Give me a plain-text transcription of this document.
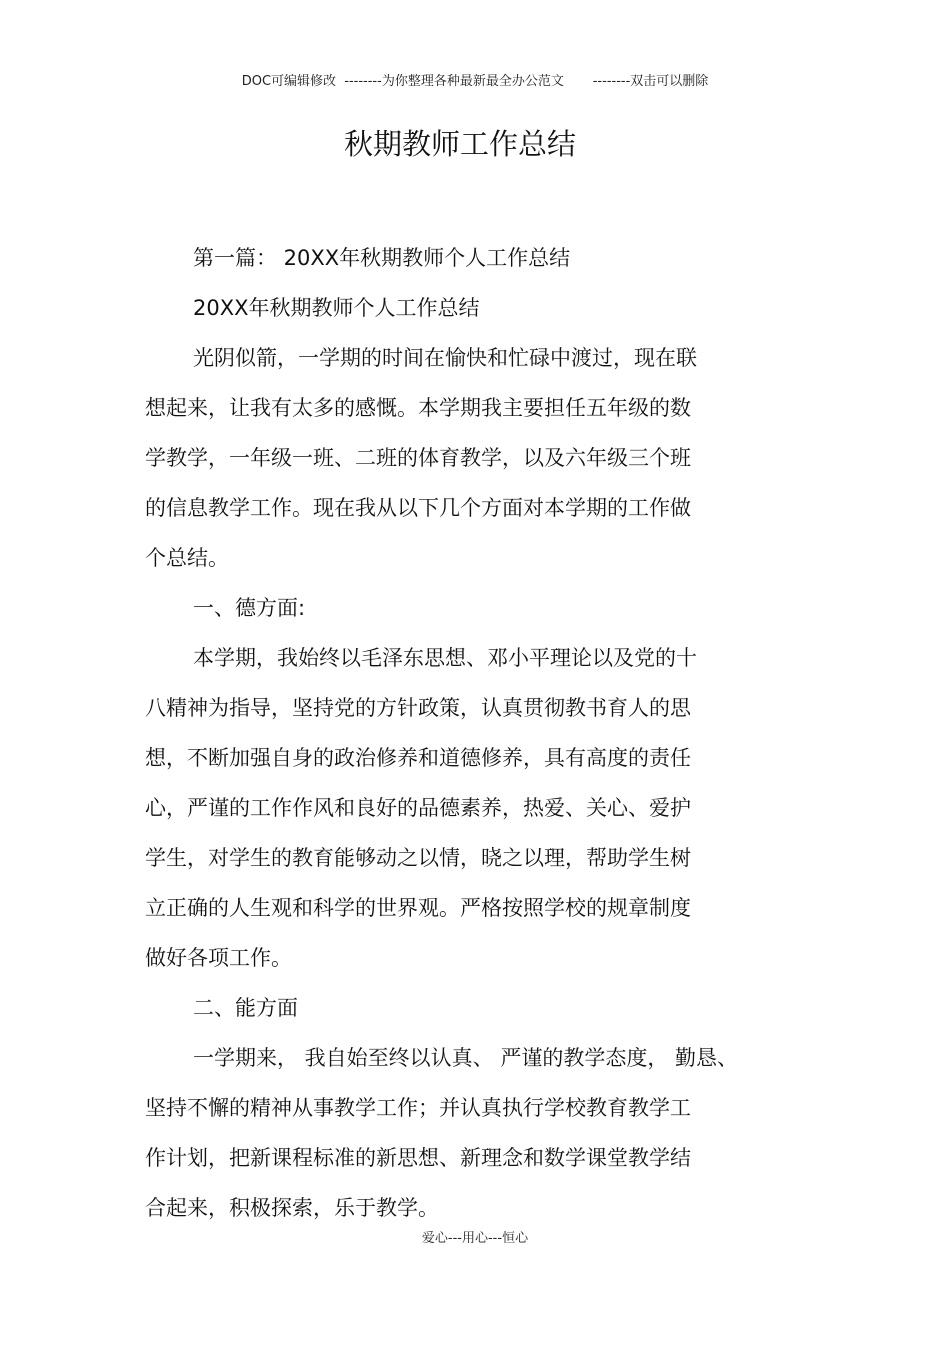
DOC可编辑修改  --------为你整理各种最新最全办公范文       --------双击可以删除
秋期教师工作总结
第一篇： 20XX年秋期教师个人工作总结
20XX年秋期教师个人工作总结
光阴似箭，一学期的时间在愉快和忙碌中渡过，现在联
想起来，让我有太多的感慨。本学期我主要担任五年级的数
学教学，一年级一班、二班的体育教学，以及六年级三个班
的信息教学工作。现在我从以下几个方面对本学期的工作做
个总结。
一、德方面:
本学期，我始终以毛泽东思想、邓小平理论以及党的十
八精神为指导，坚持党的方针政策，认真贯彻教书育人的思
想，不断加强自身的政治修养和道德修养，具有高度的责任
心，严谨的工作作风和良好的品德素养，热爱、关心、爱护
学生，对学生的教育能够动之以情，晓之以理，帮助学生树
立正确的人生观和科学的世界观。严格按照学校的规章制度
做好各项工作。
二、能方面
一学期来， 我自始至终以认真、 严谨的教学态度， 勤恳、
坚持不懈的精神从事教学工作；并认真执行学校教育教学工
作计划，把新课程标准的新思想、新理念和数学课堂教学结
合起来，积极探索，乐于教学。
爱心---用心---恒心
